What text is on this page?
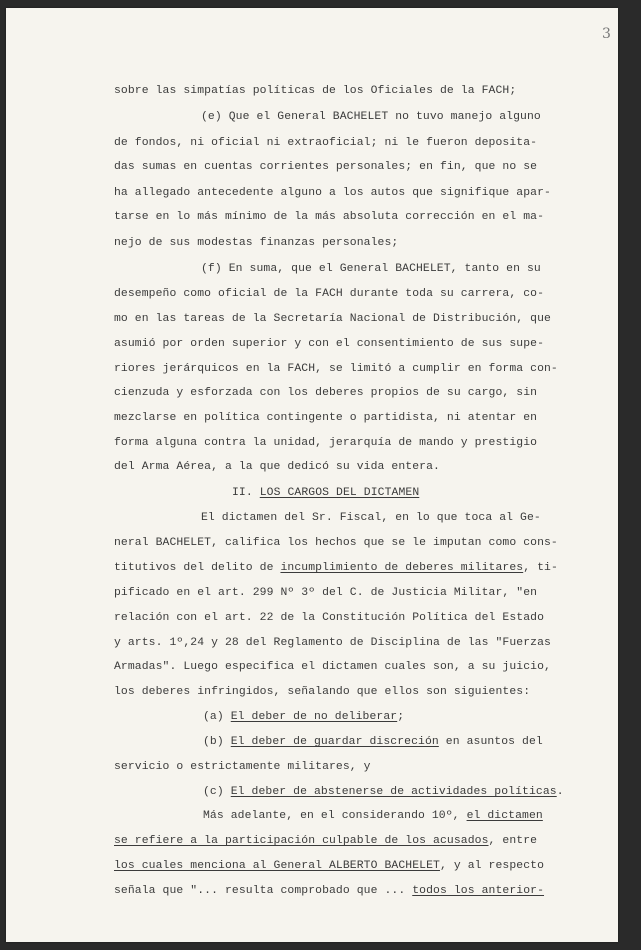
3
sobre las simpatías políticas de los Oficiales de la FACH;
(e) Que el General BACHELET no tuvo manejo alguno
de fondos, ni oficial ni extraoficial; ni le fueron deposita-
das sumas en cuentas corrientes personales; en fin, que no se
ha allegado antecedente alguno a los autos que signifique apar-
tarse en lo más mínimo de la más absoluta corrección en el ma-
nejo de sus modestas finanzas personales;
(f) En suma, que el General BACHELET, tanto en su
desempeño como oficial de la FACH durante toda su carrera, co-
mo en las tareas de la Secretaría Nacional de Distribución, que
asumió por orden superior y con el consentimiento de sus supe-
riores jerárquicos en la FACH, se limitó a cumplir en forma con-
cienzuda y esforzada con los deberes propios de su cargo, sin
mezclarse en política contingente o partidista, ni atentar en
forma alguna contra la unidad, jerarquía de mando y prestigio
del Arma Aérea, a la que dedicó su vida entera.
II. LOS CARGOS DEL DICTAMEN
El dictamen del Sr. Fiscal, en lo que toca al Ge-
neral BACHELET, califica los hechos que se le imputan como cons-
titutivos del delito de incumplimiento de deberes militares, ti-
pificado en el art. 299 Nº 3º del C. de Justicia Militar, "en
relación con el art. 22 de la Constitución Política del Estado
y arts. 1º,24 y 28 del Reglamento de Disciplina de las "Fuerzas
Armadas". Luego especifica el dictamen cuales son, a su juicio,
los deberes infringidos, señalando que ellos son siguientes:
(a) El deber de no deliberar;
(b) El deber de guardar discreción en asuntos del
servicio o estrictamente militares, y
(c) El deber de abstenerse de actividades políticas.
Más adelante, en el considerando 10º, el dictamen
se refiere a la participación culpable de los acusados, entre
los cuales menciona al General ALBERTO BACHELET, y al respecto
señala que "... resulta comprobado que ... todos los anterior-
